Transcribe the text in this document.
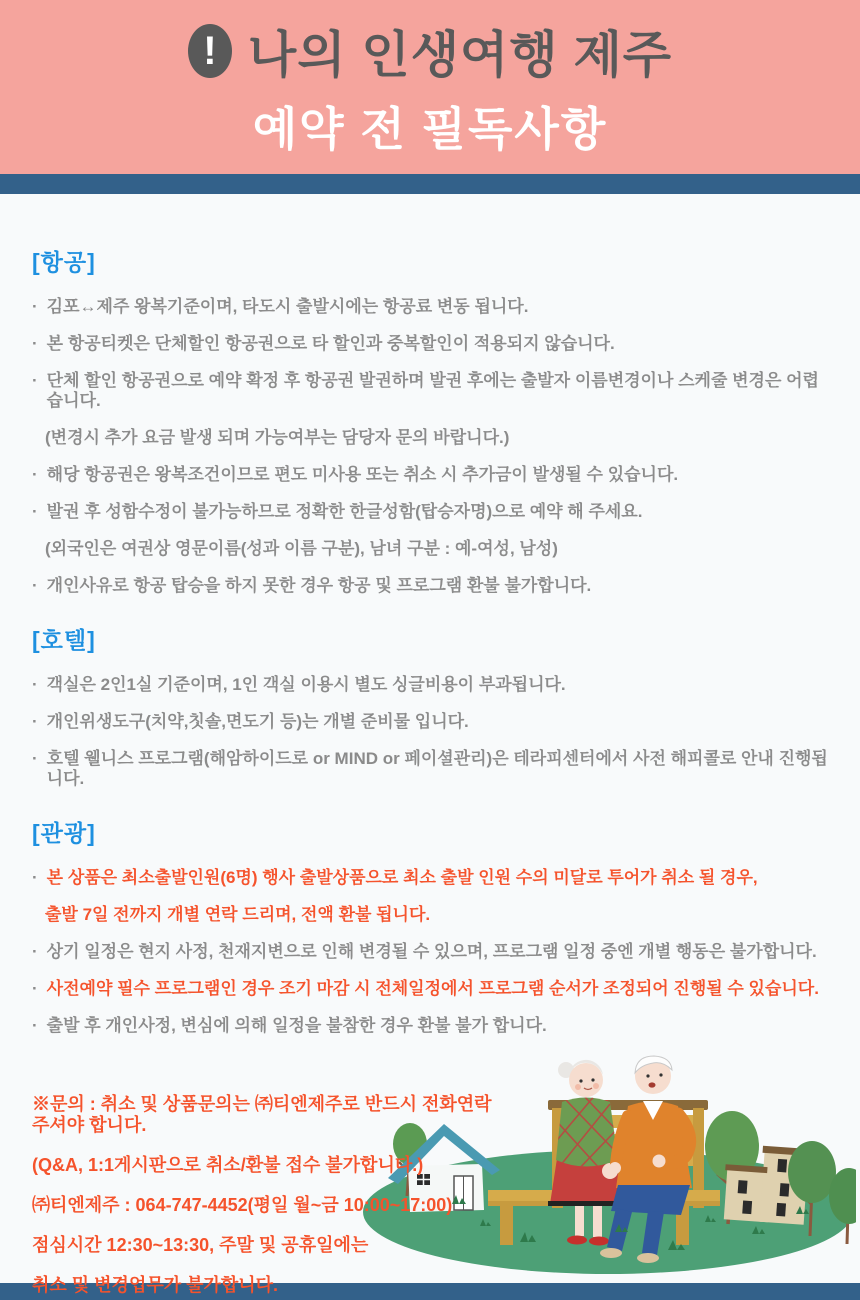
! 나의 인생여행 제주
예약 전 필독사항
[항공]
· 김포↔제주 왕복기준이며, 타도시 출발시에는 항공료 변동 됩니다.
· 본 항공티켓은 단체할인 항공권으로 타 할인과 중복할인이 적용되지 않습니다.
· 단체 할인 항공권으로 예약 확정 후 항공권 발권하며 발권 후에는 출발자 이름변경이나 스케줄 변경은 어렵습니다.
(변경시 추가 요금 발생 되며 가능여부는 담당자 문의 바랍니다.)
· 해당 항공권은 왕복조건이므로 편도 미사용 또는 취소 시 추가금이 발생될 수 있습니다.
· 발권 후 성함수정이 불가능하므로 정확한 한글성함(탑승자명)으로 예약 해 주세요.
(외국인은 여권상 영문이름(성과 이름 구분), 남녀 구분 : 예-여성, 남성)
· 개인사유로 항공 탑승을 하지 못한 경우 항공 및 프로그램 환불 불가합니다.
[호텔]
· 객실은 2인1실 기준이며, 1인 객실 이용시 별도 싱글비용이 부과됩니다.
· 개인위생도구(치약,칫솔,면도기 등)는 개별 준비물 입니다.
· 호텔 웰니스 프로그램(해암하이드로 or MIND or 페이셜관리)은 테라피센터에서 사전 해피콜로 안내 진행됩니다.
[관광]
· 본 상품은 최소출발인원(6명) 행사 출발상품으로 최소 출발 인원 수의 미달로 투어가 취소 될 경우,
출발 7일 전까지 개별 연락 드리며, 전액 환불 됩니다.
· 상기 일정은 현지 사정, 천재지변으로 인해 변경될 수 있으며, 프로그램 일정 중엔 개별 행동은 불가합니다.
· 사전예약 필수 프로그램인 경우 조기 마감 시 전체일정에서 프로그램 순서가 조정되어 진행될 수 있습니다.
· 출발 후 개인사정, 변심에 의해 일정을 불참한 경우 환불 불가 합니다.
※문의 : 취소 및 상품문의는 ㈜티엔제주로 반드시 전화연락 주셔야 합니다.
(Q&A, 1:1게시판으로 취소/환불 접수 불가합니다.)
㈜티엔제주 : 064-747-4452(평일 월~금 10:00~17:00)
점심시간 12:30~13:30, 주말 및 공휴일에는
취소 및 변경업무가 불가합니다.
